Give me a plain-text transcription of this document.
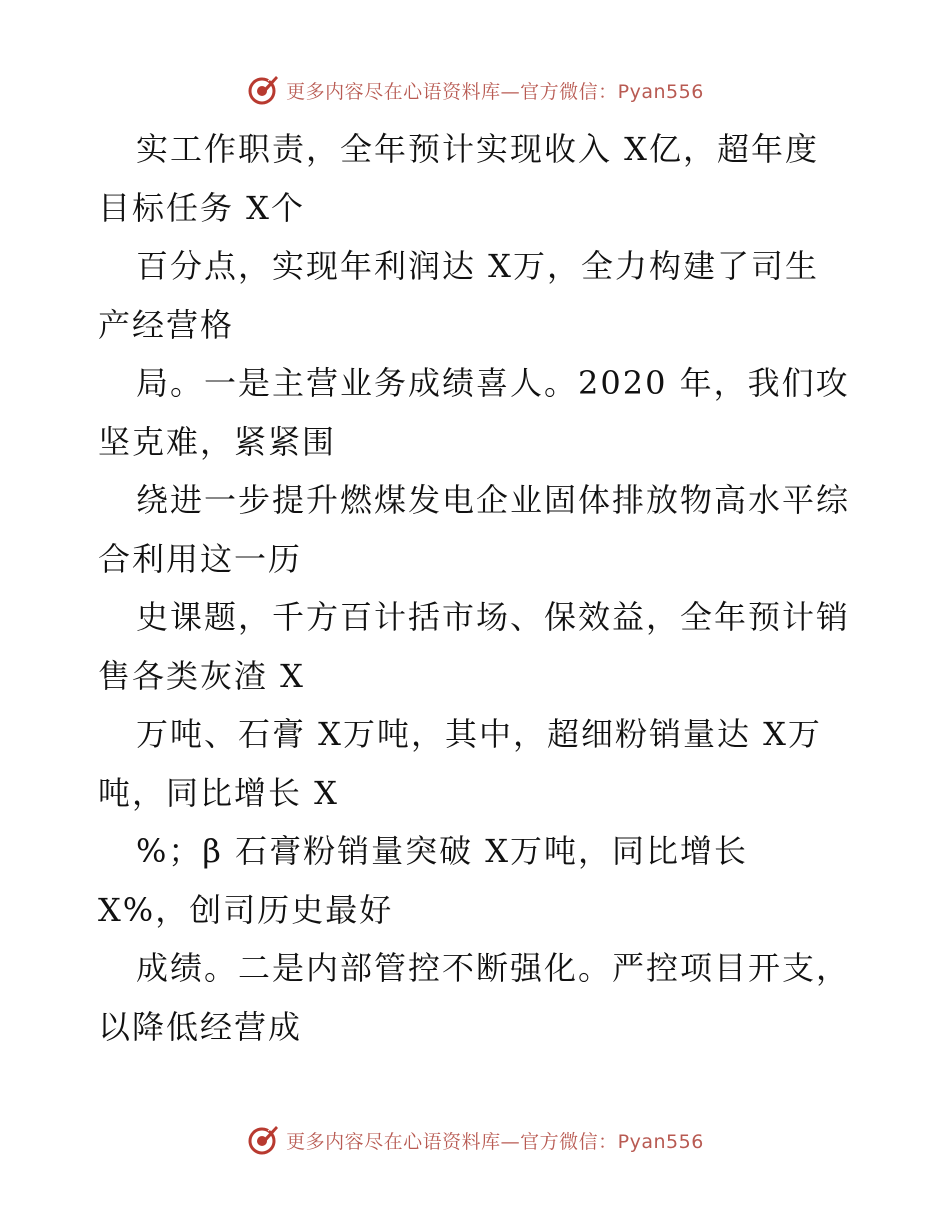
更多内容尽在心语资料库—官方微信：Pyan556
实工作职责，全年预计实现收入 X亿，超年度
目标任务 X个
百分点，实现年利润达 X万，全力构建了司生
产经营格
局。一是主营业务成绩喜人。2020 年，我们攻
坚克难，紧紧围
绕进一步提升燃煤发电企业固体排放物高水平综
合利用这一历
史课题，千方百计括市场、保效益，全年预计销
售各类灰渣 X
万吨、石膏 X万吨，其中，超细粉销量达 X万
吨，同比增长 X
%；β 石膏粉销量突破 X万吨，同比增长
X%，创司历史最好
成绩。二是内部管控不断强化。严控项目开支，
以降低经营成
更多内容尽在心语资料库—官方微信：Pyan556
